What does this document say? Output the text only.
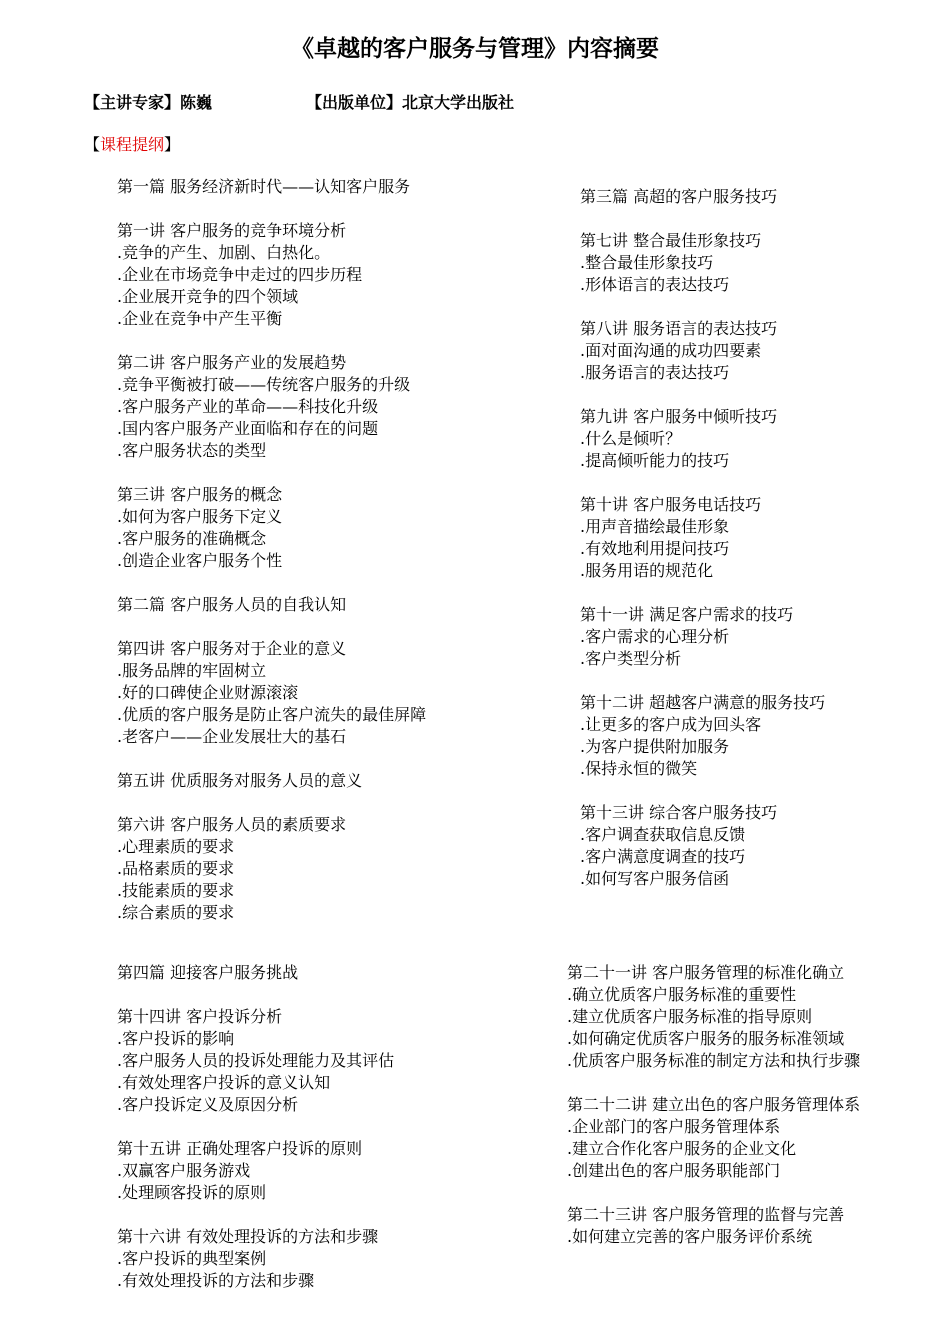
《卓越的客户服务与管理》内容摘要
【主讲专家】陈巍	【出版单位】北京大学出版社
【课程提纲】

第一篇 服务经济新时代——认知客户服务

第一讲 客户服务的竞争环境分析

.竞争的产生、加剧、白热化。

.企业在市场竞争中走过的四步历程

.企业展开竞争的四个领域

.企业在竞争中产生平衡

第二讲 客户服务产业的发展趋势

.竞争平衡被打破——传统客户服务的升级

.客户服务产业的革命——科技化升级

.国内客户服务产业面临和存在的问题

.客户服务状态的类型

第三讲 客户服务的概念

.如何为客户服务下定义

.客户服务的准确概念

.创造企业客户服务个性

第二篇 客户服务人员的自我认知

第四讲 客户服务对于企业的意义

.服务品牌的牢固树立

.好的口碑使企业财源滚滚

.优质的客户服务是防止客户流失的最佳屏障

.老客户——企业发展壮大的基石

第五讲 优质服务对服务人员的意义

第六讲 客户服务人员的素质要求

.心理素质的要求

.品格素质的要求

.技能素质的要求

.综合素质的要求

第三篇 高超的客户服务技巧

第七讲 整合最佳形象技巧

.整合最佳形象技巧

.形体语言的表达技巧

第八讲 服务语言的表达技巧

.面对面沟通的成功四要素

.服务语言的表达技巧

第九讲 客户服务中倾听技巧

.什么是倾听？

.提高倾听能力的技巧

第十讲 客户服务电话技巧

.用声音描绘最佳形象

.有效地利用提问技巧

.服务用语的规范化

第十一讲 满足客户需求的技巧

.客户需求的心理分析

.客户类型分析

第十二讲 超越客户满意的服务技巧

.让更多的客户成为回头客

.为客户提供附加服务

.保持永恒的微笑

第十三讲 综合客户服务技巧

.客户调查获取信息反馈

.客户满意度调查的技巧

.如何写客户服务信函

第四篇 迎接客户服务挑战

第十四讲 客户投诉分析

.客户投诉的影响

.客户服务人员的投诉处理能力及其评估

.有效处理客户投诉的意义认知

.客户投诉定义及原因分析

第十五讲 正确处理客户投诉的原则

.双赢客户服务游戏

.处理顾客投诉的原则

第十六讲 有效处理投诉的方法和步骤

.客户投诉的典型案例

.有效处理投诉的方法和步骤

第二十一讲 客户服务管理的标准化确立

.确立优质客户服务标准的重要性

.建立优质客户服务标准的指导原则

.如何确定优质客户服务的服务标准领域

.优质客户服务标准的制定方法和执行步骤

第二十二讲 建立出色的客户服务管理体系

.企业部门的客户服务管理体系

.建立合作化客户服务的企业文化

.创建出色的客户服务职能部门

第二十三讲 客户服务管理的监督与完善

.如何建立完善的客户服务评价系统
